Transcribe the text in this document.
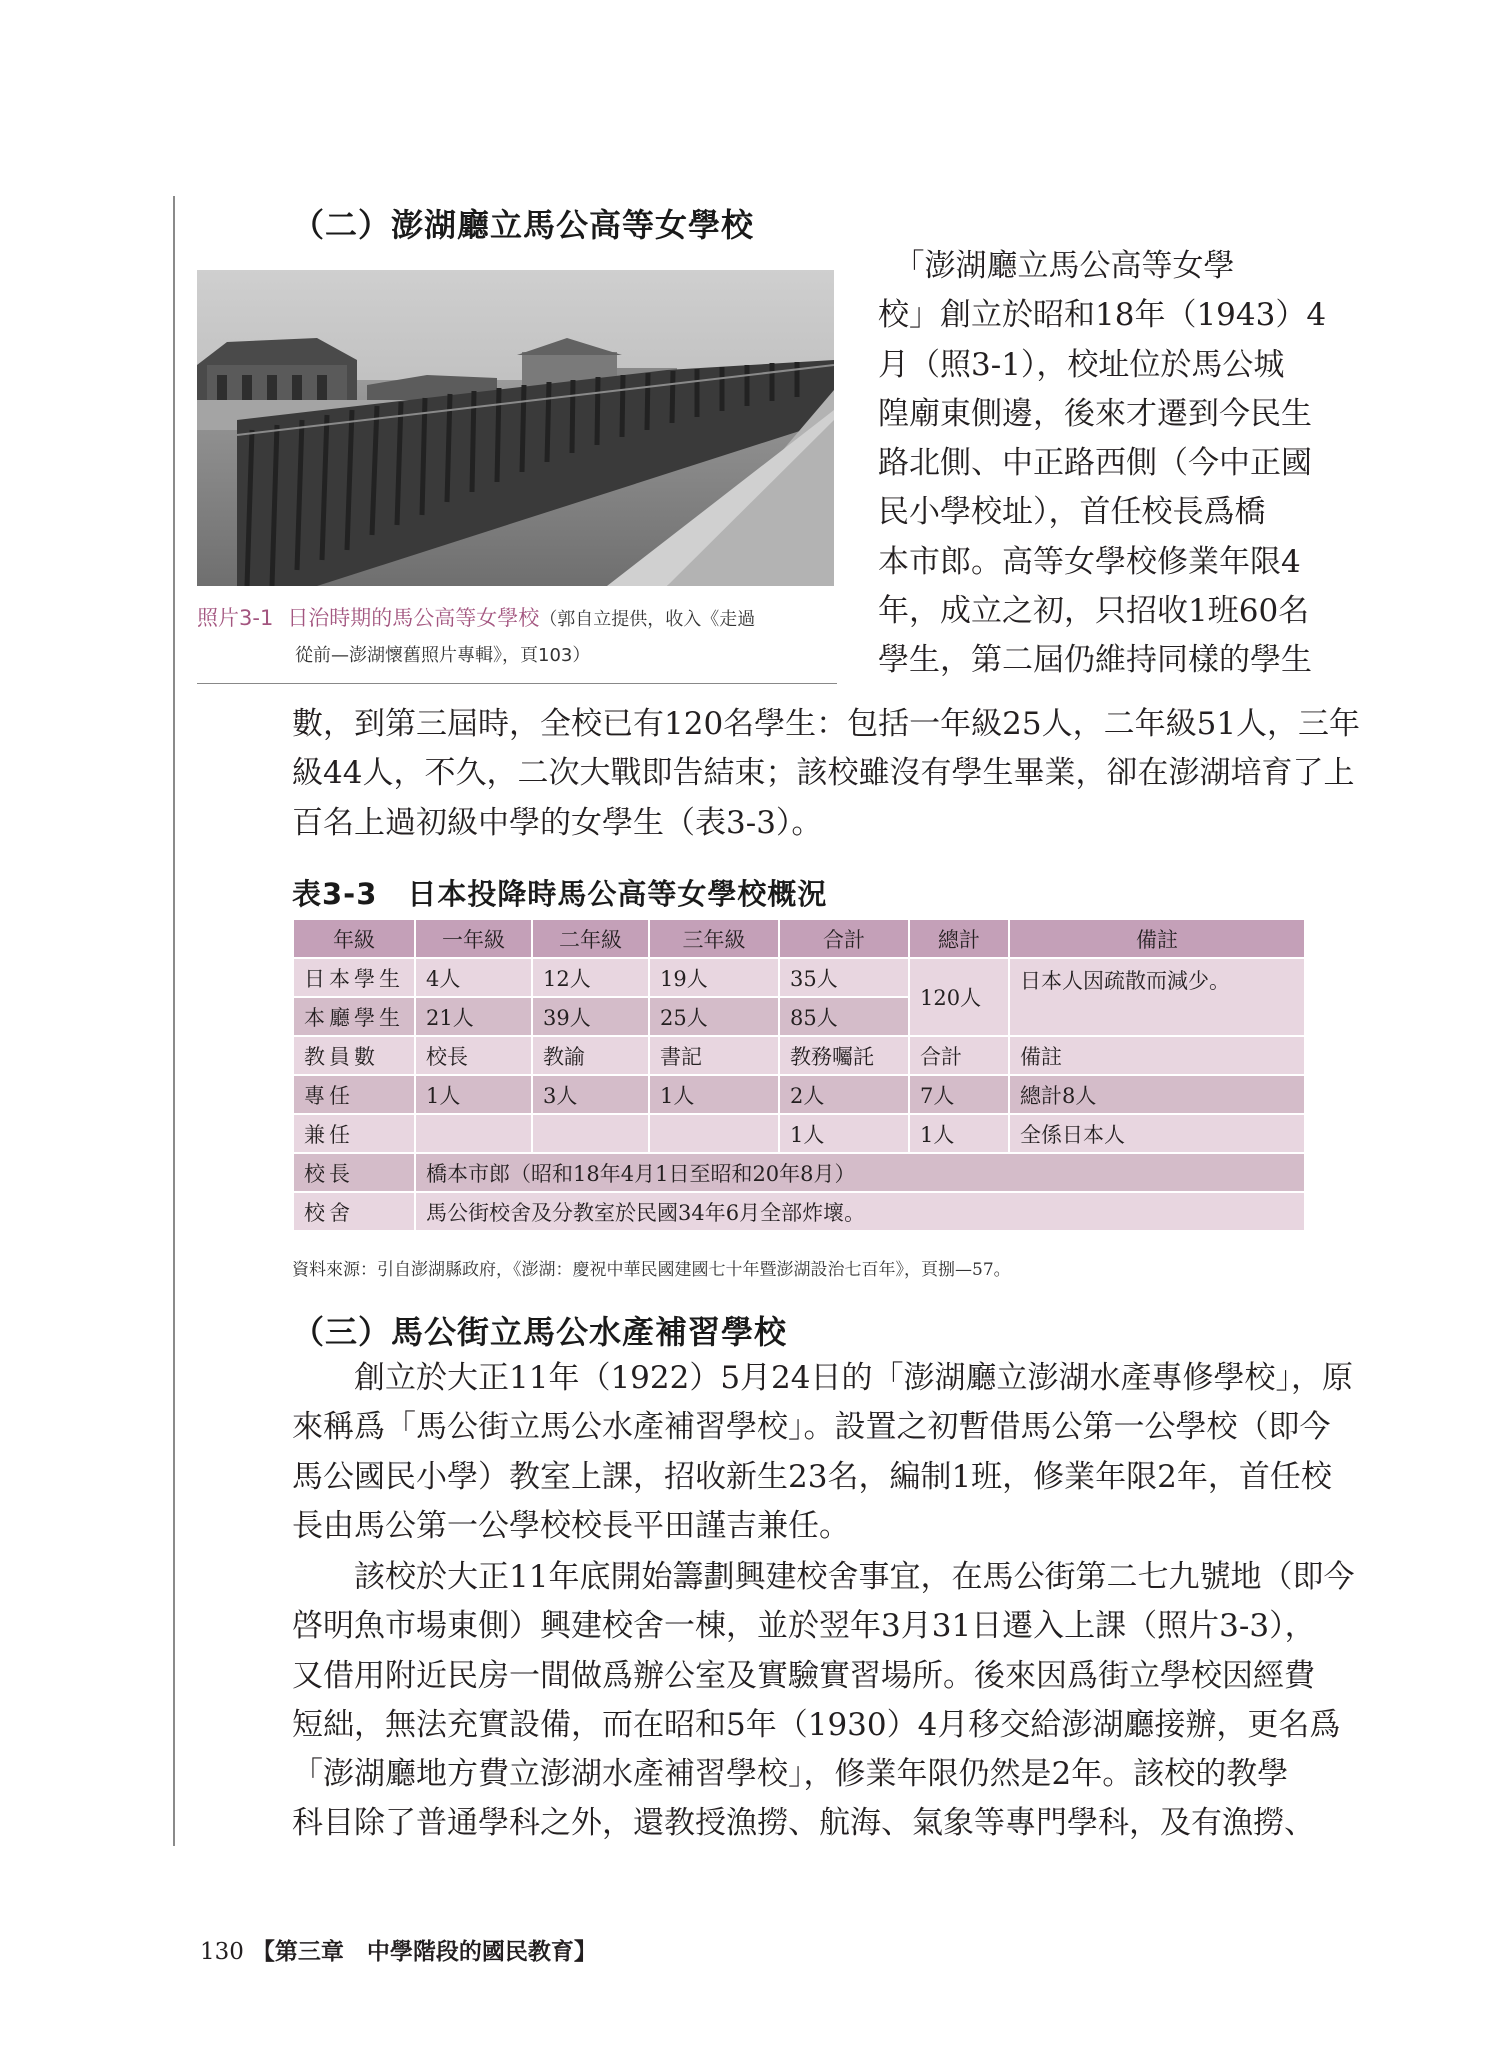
（二）澎湖廳立馬公高等女學校
照片3-1 日治時期的馬公高等女學校（郭自立提供，收入《走過
從前—澎湖懷舊照片專輯》，頁103）
　「澎湖廳立馬公高等女學
校」創立於昭和18年（1943）4
月（照3-1），校址位於馬公城
隍廟東側邊，後來才遷到今民生
路北側、中正路西側（今中正國
民小學校址），首任校長爲橋
本市郎。高等女學校修業年限4
年，成立之初，只招收1班60名
學生，第二屆仍維持同樣的學生
數，到第三屆時，全校已有120名學生：包括一年級25人，二年級51人，三年
級44人，不久，二次大戰即告結束；該校雖沒有學生畢業，卻在澎湖培育了上
百名上過初級中學的女學生（表3-3）。
表3-3 日本投降時馬公高等女學校概況
年級	一年級	二年級	三年級	合計	總計	備註
日本學生	4人	12人	19人	35人	120人	日本人因疏散而減少。
本廳學生	21人	39人	25人	85人		
教員數	校長	教諭	書記	教務囑託	合計	備註
專任	1人	3人	1人	2人	7人	總計8人
兼任				1人	1人	全係日本人
校長	橋本市郎（昭和18年4月1日至昭和20年8月）					
校舍	馬公街校舍及分教室於民國34年6月全部炸壞。					
資料來源：引自澎湖縣政府，《澎湖：慶祝中華民國建國七十年暨澎湖設治七百年》，頁捌—57。
（三）馬公街立馬公水產補習學校
　　創立於大正11年（1922）5月24日的「澎湖廳立澎湖水產專修學校」，原
來稱爲「馬公街立馬公水產補習學校」。設置之初暫借馬公第一公學校（即今
馬公國民小學）教室上課，招收新生23名，編制1班，修業年限2年，首任校
長由馬公第一公學校校長平田謹吉兼任。
　　該校於大正11年底開始籌劃興建校舍事宜，在馬公街第二七九號地（即今
啓明魚市場東側）興建校舍一棟，並於翌年3月31日遷入上課（照片3-3），
又借用附近民房一間做爲辦公室及實驗實習場所。後來因爲街立學校因經費
短絀，無法充實設備，而在昭和5年（1930）4月移交給澎湖廳接辦，更名爲
「澎湖廳地方費立澎湖水產補習學校」，修業年限仍然是2年。該校的教學
科目除了普通學科之外，還教授漁撈、航海、氣象等專門學科，及有漁撈、
130 【第三章　中學階段的國民教育】
